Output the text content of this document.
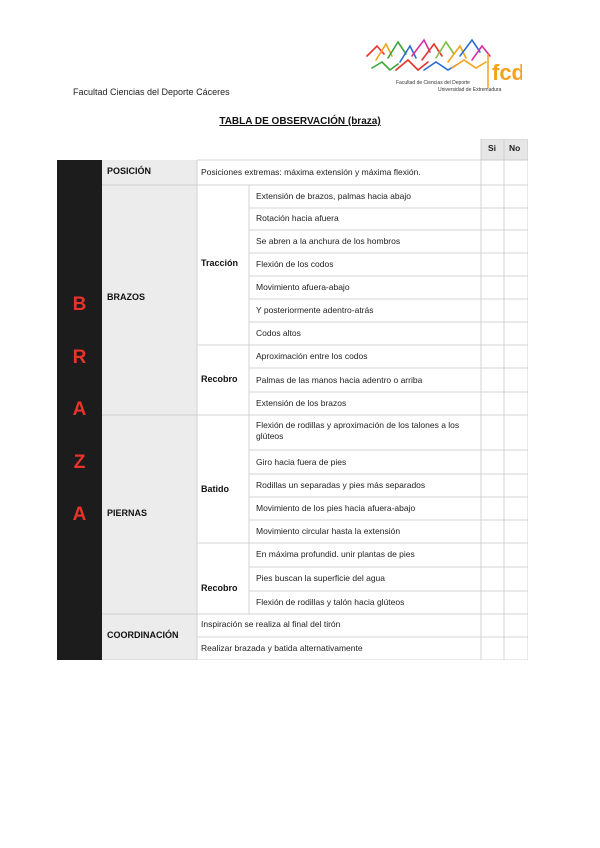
Facultad Ciencias del Deporte Cáceres
fcd
Facultad de Ciencias del Deporte
Universidad de Extremadura
TABLA DE OBSERVACIÓN (braza)
Si No
B
R
A
Z
A
POSICIÓN	Posiciones extremas: máxima extensión y máxima flexión.
BRAZOS
Tracción
Extensión de brazos, palmas hacia abajo
Rotación hacia afuera
Se abren a la anchura de los hombros
Flexión de los codos
Movimiento afuera-abajo
Y posteriormente adentro-atrás
Codos altos
Recobro
Aproximación entre los codos
Palmas de las manos hacia adentro o arriba
Extensión de los brazos
PIERNAS
Batido
Flexión de rodillas y aproximación de los talones a los glúteos
Giro hacia fuera de pies
Rodillas un separadas y pies más separados
Movimiento de los pies hacia afuera-abajo
Movimiento circular hasta la extensión
Recobro
En máxima profundid. unir plantas de pies
Pies buscan la superficie del agua
Flexión de rodillas y talón hacia glúteos
COORDINACIÓN
Inspiración se realiza al final del tirón
Realizar brazada y batida alternativamente
